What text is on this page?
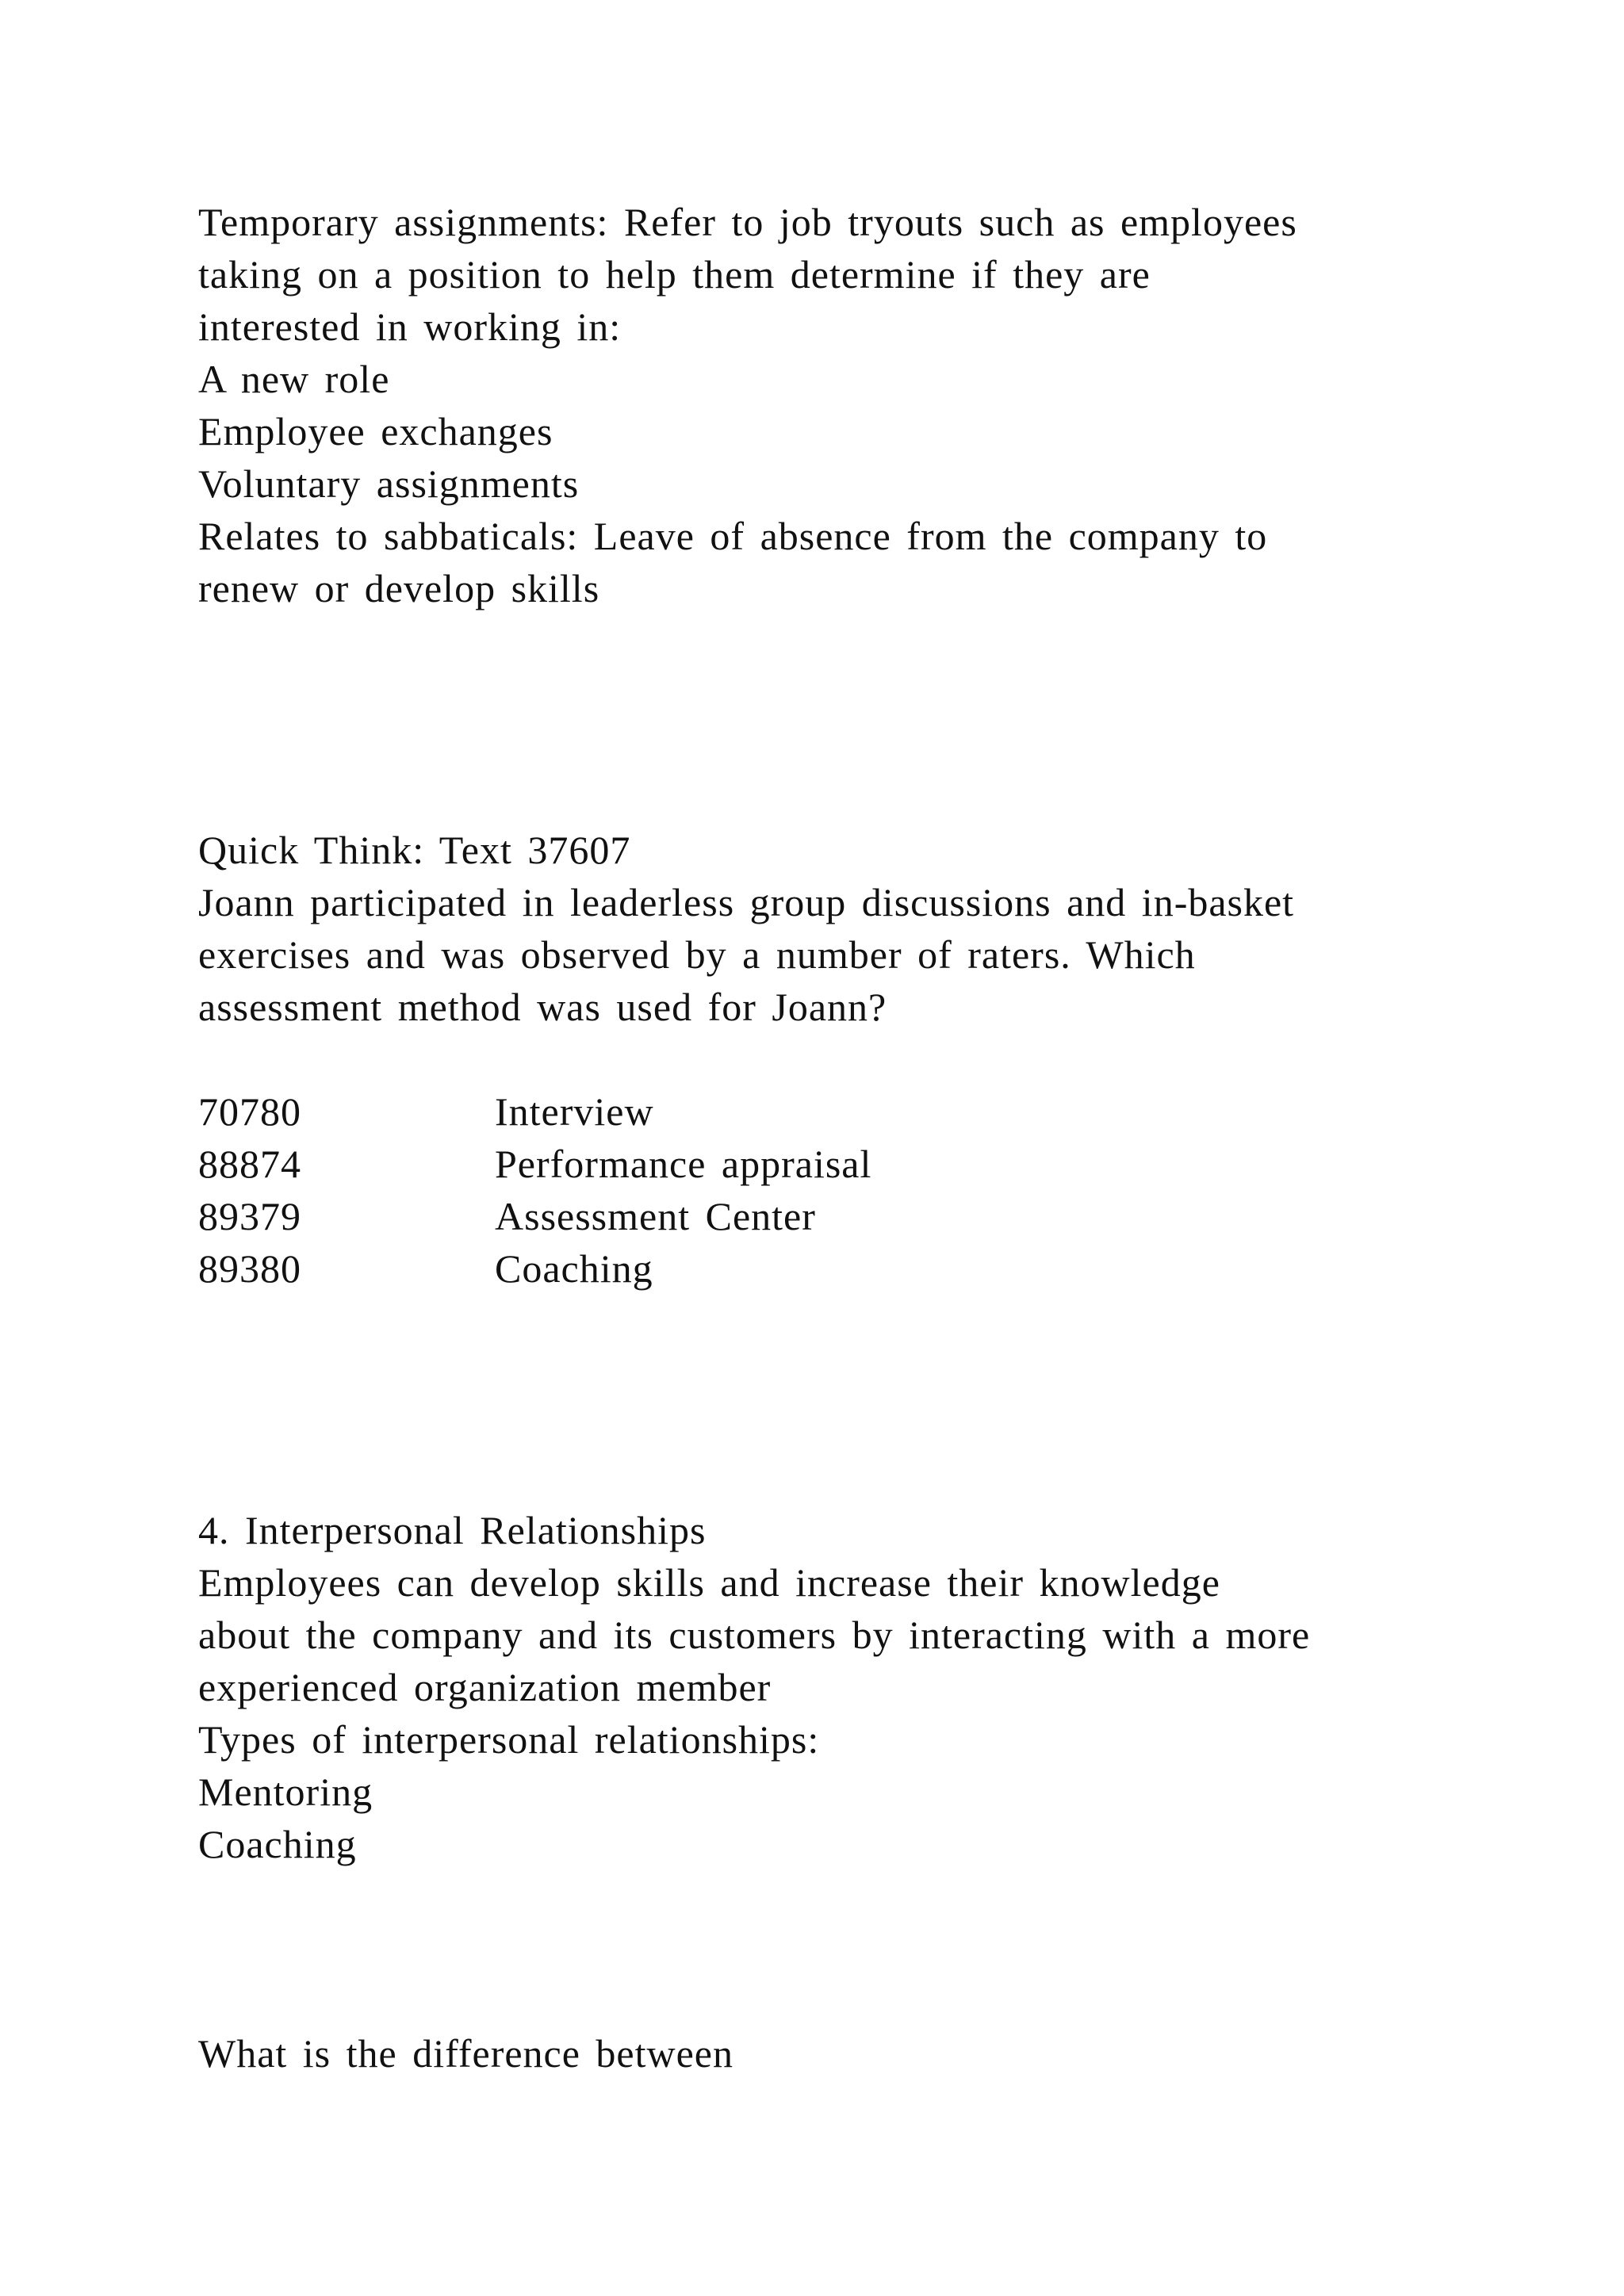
Temporary assignments: Refer to job tryouts such as employees
taking on a position to help them determine if they are
interested in working in:
A new role
Employee exchanges
Voluntary assignments
Relates to sabbaticals: Leave of absence from the company to
renew or develop skills
Quick Think: Text 37607
Joann participated in leaderless group discussions and in-basket
exercises and was observed by a number of raters. Which
assessment method was used for Joann?
70780	Interview
88874	Performance appraisal
89379	Assessment Center
89380	Coaching
4. Interpersonal Relationships
Employees can develop skills and increase their knowledge
about the company and its customers by interacting with a more
experienced organization member
Types of interpersonal relationships:
Mentoring
Coaching
What is the difference between
